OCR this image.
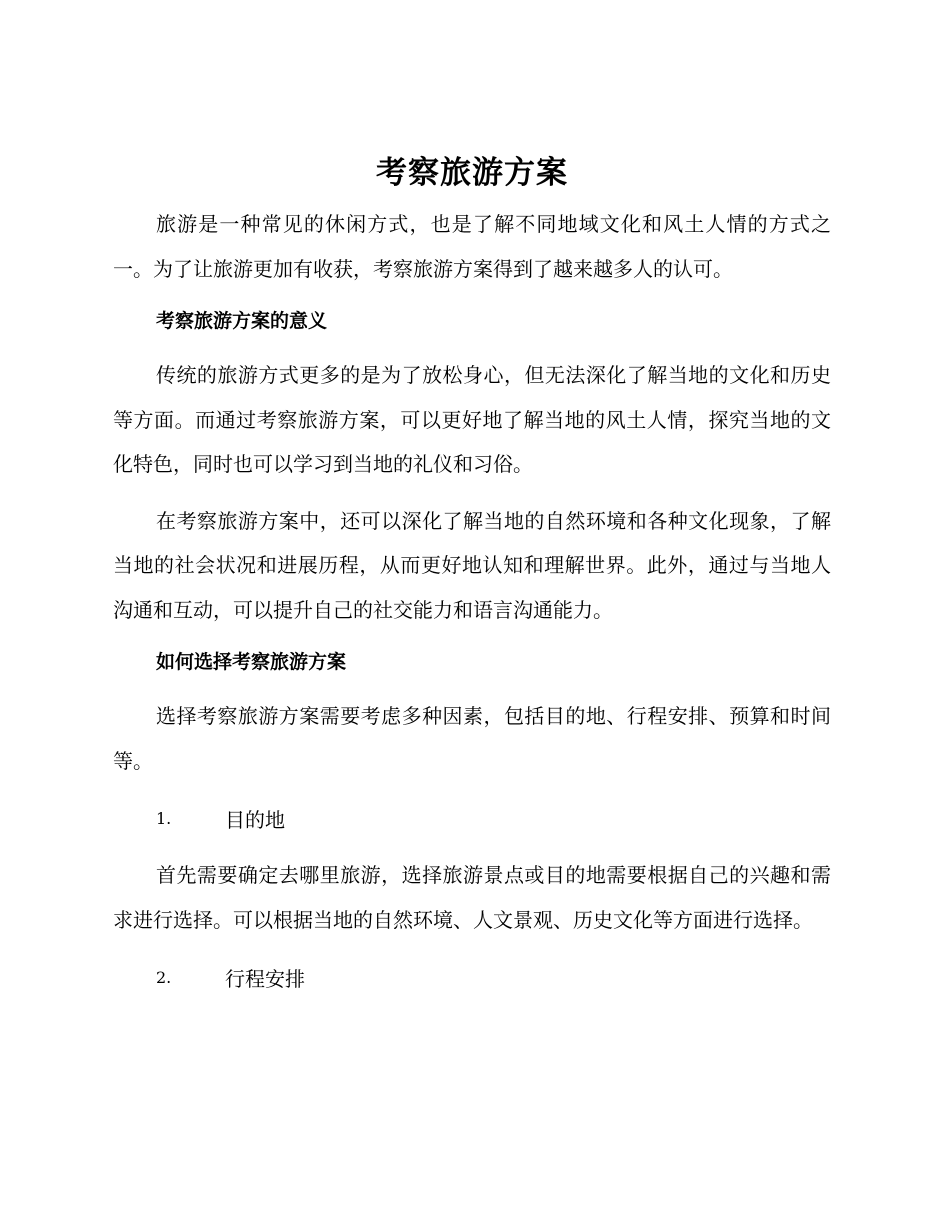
考察旅游方案

旅游是一种常见的休闲方式，也是了解不同地域文化和风土人情的方式之一。为了让旅游更加有收获，考察旅游方案得到了越来越多人的认可。

考察旅游方案的意义

传统的旅游方式更多的是为了放松身心，但无法深化了解当地的文化和历史等方面。而通过考察旅游方案，可以更好地了解当地的风土人情，探究当地的文化特色，同时也可以学习到当地的礼仪和习俗。

在考察旅游方案中，还可以深化了解当地的自然环境和各种文化现象，了解当地的社会状况和进展历程，从而更好地认知和理解世界。此外，通过与当地人沟通和互动，可以提升自己的社交能力和语言沟通能力。

如何选择考察旅游方案

选择考察旅游方案需要考虑多种因素，包括目的地、行程安排、预算和时间等。

1.	目的地

首先需要确定去哪里旅游，选择旅游景点或目的地需要根据自己的兴趣和需求进行选择。可以根据当地的自然环境、人文景观、历史文化等方面进行选择。

2.	行程安排
